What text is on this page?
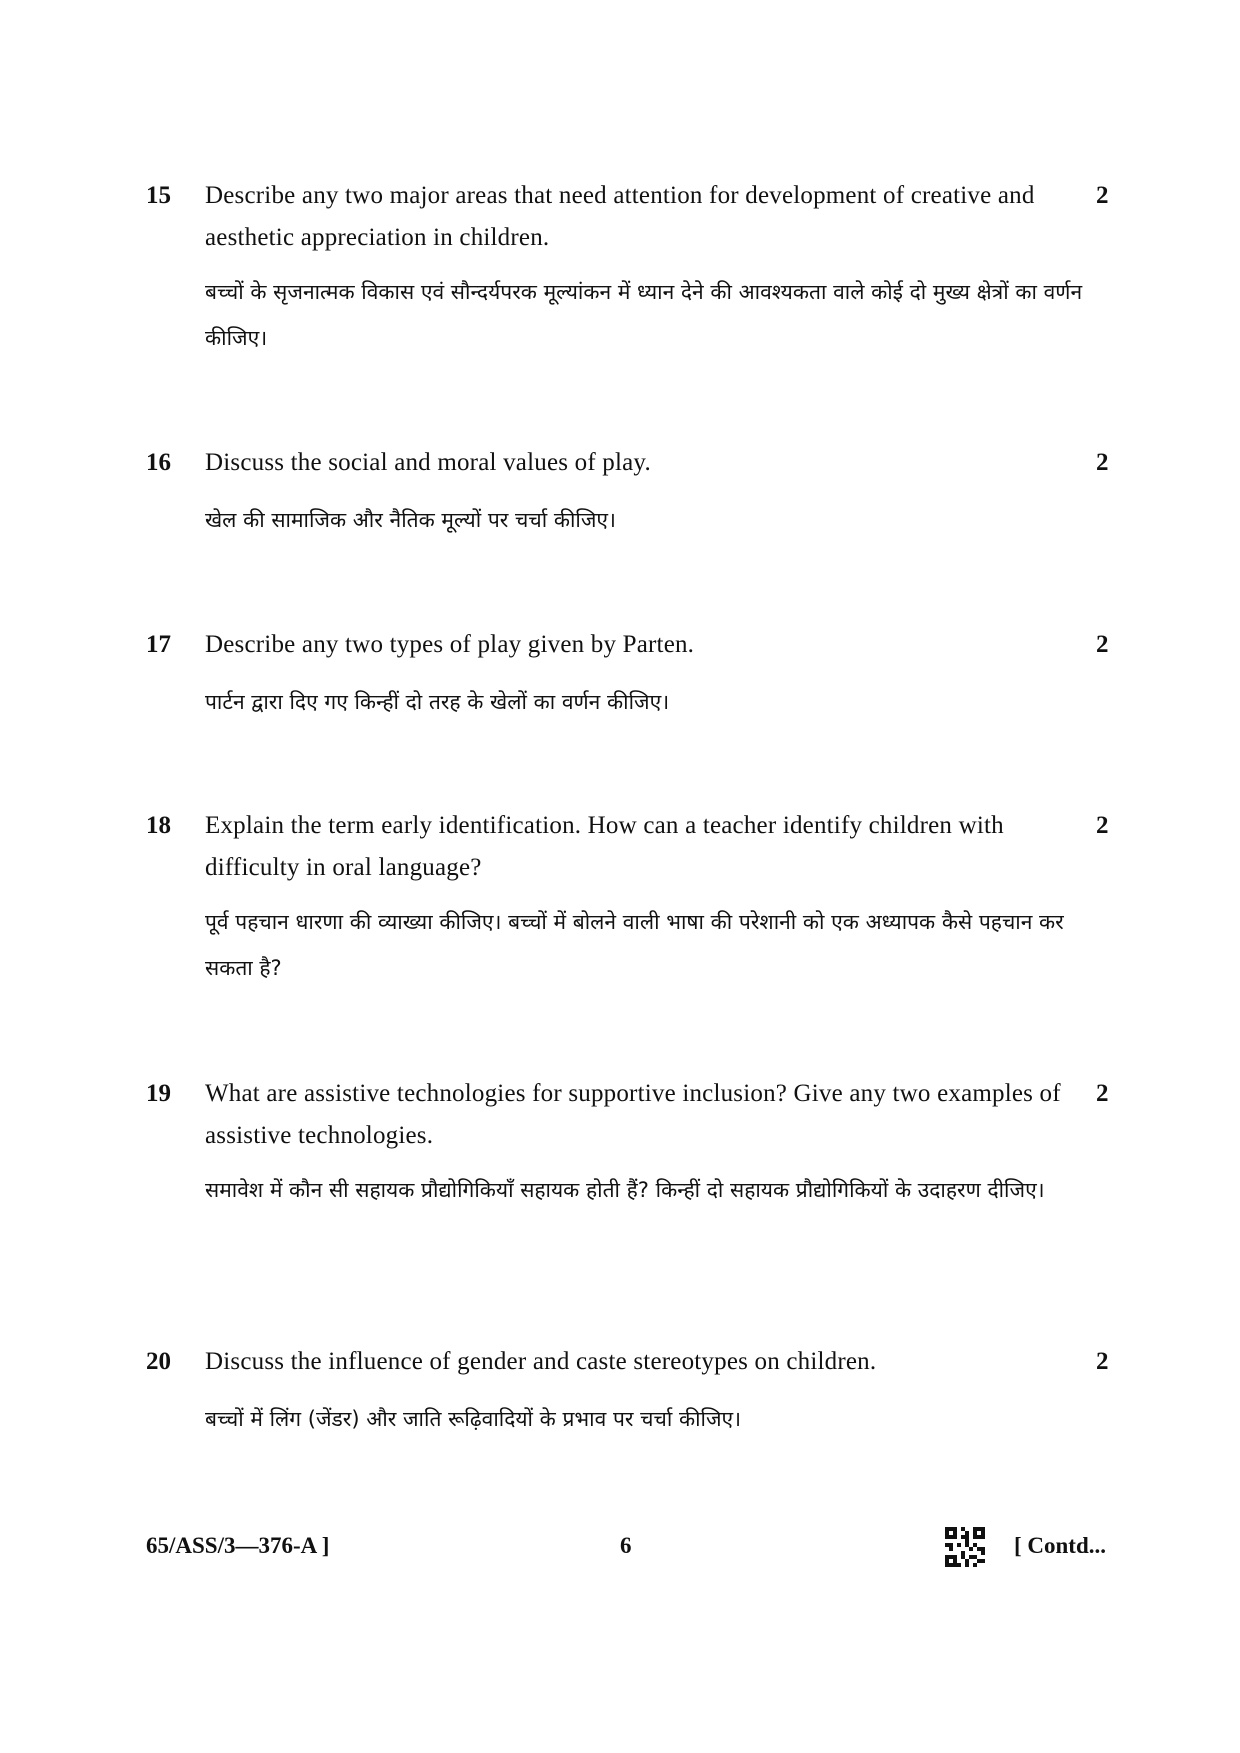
15 Describe any two major areas that need attention for development of creative and aesthetic appreciation in children.
बच्चों के सृजनात्मक विकास एवं सौन्दर्यपरक मूल्यांकन में ध्यान देने की आवश्यकता वाले कोई दो मुख्य क्षेत्रों का वर्णन कीजिए।
2
16 Discuss the social and moral values of play.
खेल की सामाजिक और नैतिक मूल्यों पर चर्चा कीजिए।
2
17 Describe any two types of play given by Parten.
पार्टन द्वारा दिए गए किन्हीं दो तरह के खेलों का वर्णन कीजिए।
2
18 Explain the term early identification. How can a teacher identify children with difficulty in oral language?
पूर्व पहचान धारणा की व्याख्या कीजिए। बच्चों में बोलने वाली भाषा की परेशानी को एक अध्यापक कैसे पहचान कर सकता है?
2
19 What are assistive technologies for supportive inclusion? Give any two examples of assistive technologies.
समावेश में कौन सी सहायक प्रौद्योगिकियाँ सहायक होती हैं? किन्हीं दो सहायक प्रौद्योगिकियों के उदाहरण दीजिए।
2
20 Discuss the influence of gender and caste stereotypes on children.
बच्चों में लिंग (जेंडर) और जाति रूढ़िवादियों के प्रभाव पर चर्चा कीजिए।
2
65/ASS/3—376-A ]	6	[ Contd...
